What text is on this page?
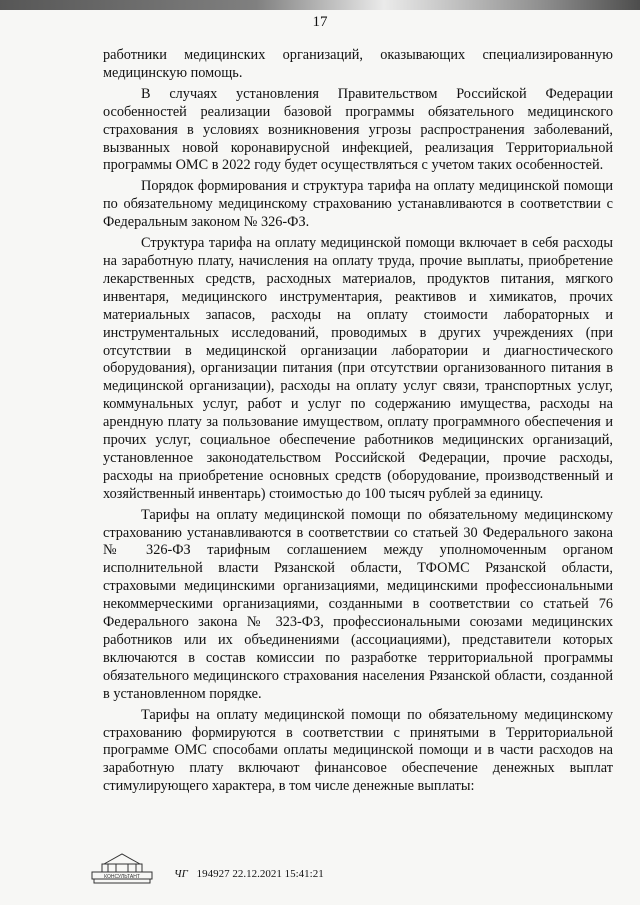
17

работники медицинских организаций, оказывающих специализированную медицинскую помощь.

В случаях установления Правительством Российской Федерации особенностей реализации базовой программы обязательного медицинского страхования в условиях возникновения угрозы распространения заболеваний, вызванных новой коронавирусной инфекцией, реализация Территориальной программы ОМС в 2022 году будет осуществляться с учетом таких особенностей.

Порядок формирования и структура тарифа на оплату медицинской помощи по обязательному медицинскому страхованию устанавливаются в соответствии с Федеральным законом № 326-ФЗ.

Структура тарифа на оплату медицинской помощи включает в себя расходы на заработную плату, начисления на оплату труда, прочие выплаты, приобретение лекарственных средств, расходных материалов, продуктов питания, мягкого инвентаря, медицинского инструментария, реактивов и химикатов, прочих материальных запасов, расходы на оплату стоимости лабораторных и инструментальных исследований, проводимых в других учреждениях (при отсутствии в медицинской организации лаборатории и диагностического оборудования), организации питания (при отсутствии организованного питания в медицинской организации), расходы на оплату услуг связи, транспортных услуг, коммунальных услуг, работ и услуг по содержанию имущества, расходы на арендную плату за пользование имуществом, оплату программного обеспечения и прочих услуг, социальное обеспечение работников медицинских организаций, установленное законодательством Российской Федерации, прочие расходы, расходы на приобретение основных средств (оборудование, производственный и хозяйственный инвентарь) стоимостью до 100 тысяч рублей за единицу.

Тарифы на оплату медицинской помощи по обязательному медицинскому страхованию устанавливаются в соответствии со статьей 30 Федерального закона № 326-ФЗ тарифным соглашением между уполномоченным органом исполнительной власти Рязанской области, ТФОМС Рязанской области, страховыми медицинскими организациями, медицинскими профессиональными некоммерческими организациями, созданными в соответствии со статьей 76 Федерального закона № 323-ФЗ, профессиональными союзами медицинских работников или их объединениями (ассоциациями), представители которых включаются в состав комиссии по разработке территориальной программы обязательного медицинского страхования населения Рязанской области, созданной в установленном порядке.

Тарифы на оплату медицинской помощи по обязательному медицинскому страхованию формируются в соответствии с принятыми в Территориальной программе ОМС способами оплаты медицинской помощи и в части расходов на заработную плату включают финансовое обеспечение денежных выплат стимулирующего характера, в том числе денежные выплаты:

КОНСУЛЬТАНТ	ЧГ 194927 22.12.2021 15:41:21
